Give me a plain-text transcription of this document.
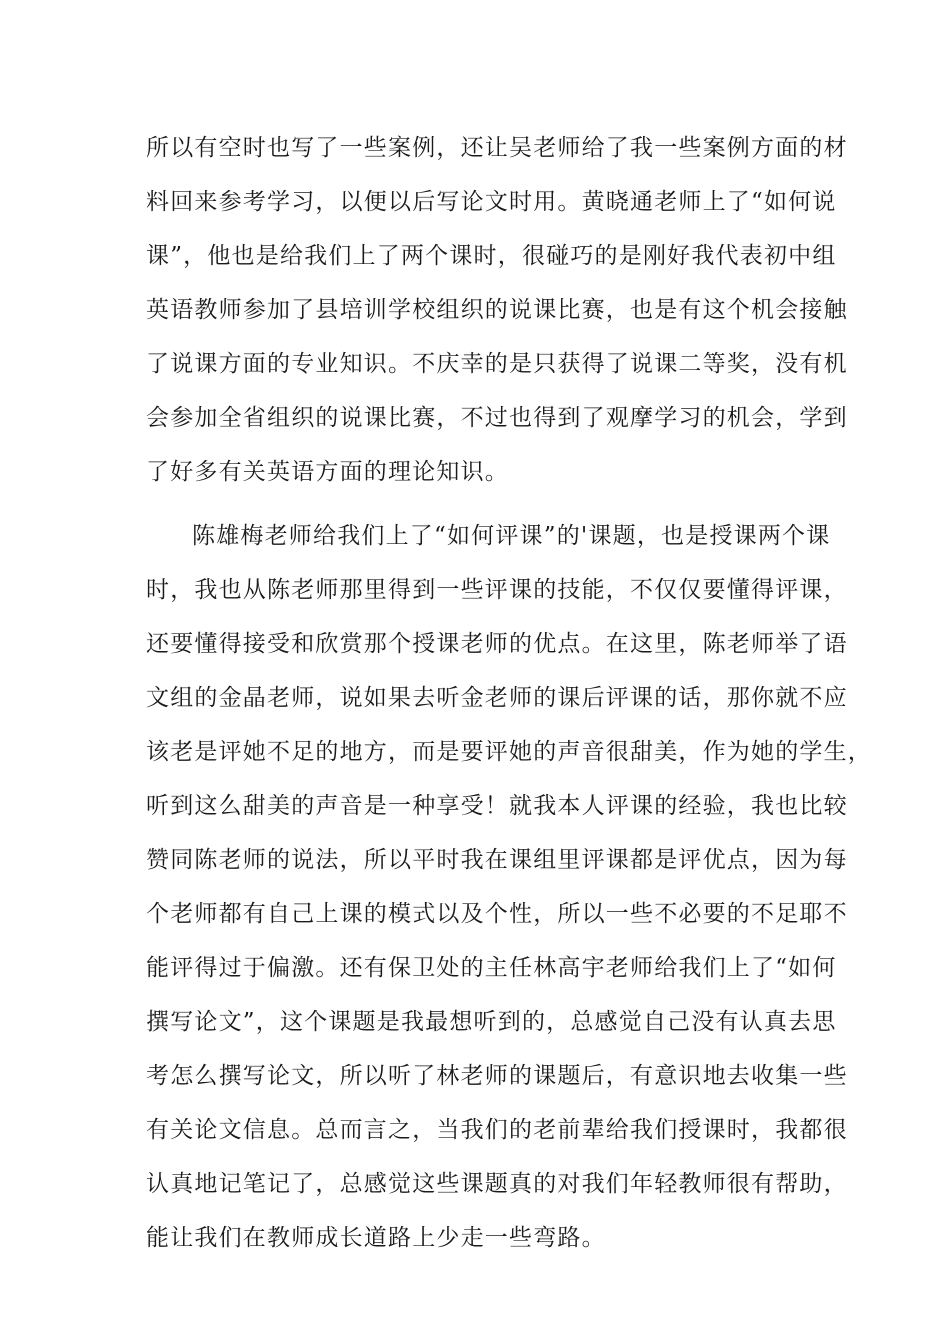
所以有空时也写了一些案例，还让吴老师给了我一些案例方面的材
料回来参考学习，以便以后写论文时用。黄晓通老师上了“如何说
课”，他也是给我们上了两个课时，很碰巧的是刚好我代表初中组
英语教师参加了县培训学校组织的说课比赛，也是有这个机会接触
了说课方面的专业知识。不庆幸的是只获得了说课二等奖，没有机
会参加全省组织的说课比赛，不过也得到了观摩学习的机会，学到
了好多有关英语方面的理论知识。
陈雄梅老师给我们上了“如何评课”的'课题，也是授课两个课
时，我也从陈老师那里得到一些评课的技能，不仅仅要懂得评课，
还要懂得接受和欣赏那个授课老师的优点。在这里，陈老师举了语
文组的金晶老师，说如果去听金老师的课后评课的话，那你就不应
该老是评她不足的地方，而是要评她的声音很甜美，作为她的学生，
听到这么甜美的声音是一种享受！就我本人评课的经验，我也比较
赞同陈老师的说法，所以平时我在课组里评课都是评优点，因为每
个老师都有自己上课的模式以及个性，所以一些不必要的不足耶不
能评得过于偏激。还有保卫处的主任林高宇老师给我们上了“如何
撰写论文”，这个课题是我最想听到的，总感觉自己没有认真去思
考怎么撰写论文，所以听了林老师的课题后，有意识地去收集一些
有关论文信息。总而言之，当我们的老前辈给我们授课时，我都很
认真地记笔记了，总感觉这些课题真的对我们年轻教师很有帮助，
能让我们在教师成长道路上少走一些弯路。
